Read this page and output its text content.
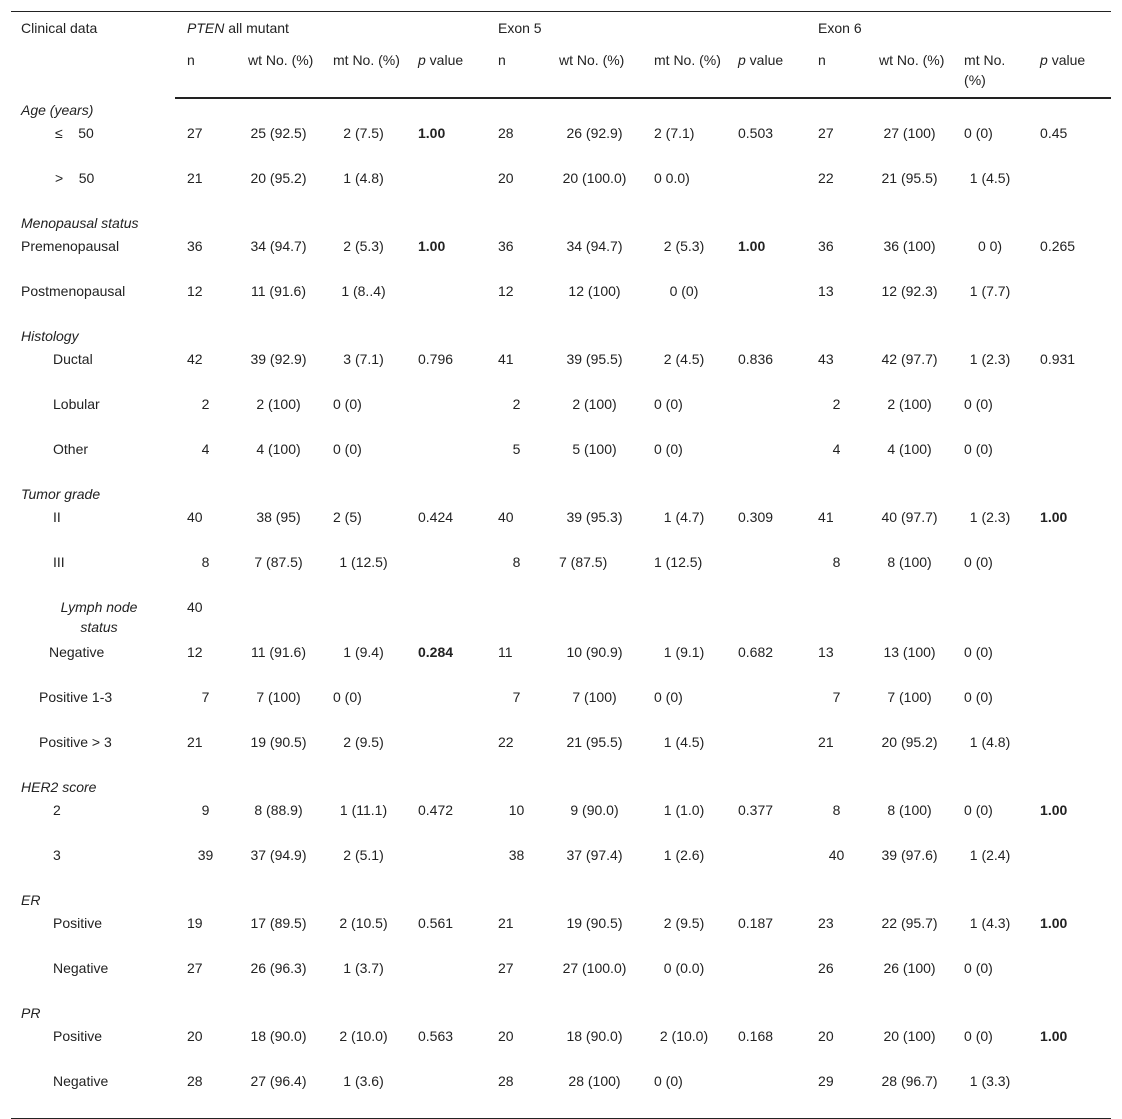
Clinical data	PTEN all mutant				Exon 5				Exon 6			
	n	wt No. (%)	mt No. (%)	p value	n	wt No. (%)	mt No. (%)	p value	n	wt No. (%)	mt No. (%)	p value
Age (years)												
≤ 50	27	25 (92.5)	2 (7.5)	1.00	28	26 (92.9)	2 (7.1)	0.503	27	27 (100)	0 (0)	0.45
> 50	21	20 (95.2)	1 (4.8)		20	20 (100.0)	0 0.0)		22	21 (95.5)	1 (4.5)	
Menopausal status												
Premenopausal	36	34 (94.7)	2 (5.3)	1.00	36	34 (94.7)	2 (5.3)	1.00	36	36 (100)	0 0)	0.265
Postmenopausal	12	11 (91.6)	1 (8..4)		12	12 (100)	0 (0)		13	12 (92.3)	1 (7.7)	
Histology												
Ductal	42	39 (92.9)	3 (7.1)	0.796	41	39 (95.5)	2 (4.5)	0.836	43	42 (97.7)	1 (2.3)	0.931
Lobular	2	2 (100)	0 (0)		2	2 (100)	0 (0)		2	2 (100)	0 (0)	
Other	4	4 (100)	0 (0)		5	5 (100)	0 (0)		4	4 (100)	0 (0)	
Tumor grade												
II	40	38 (95)	2 (5)	0.424	40	39 (95.3)	1 (4.7)	0.309	41	40 (97.7)	1 (2.3)	1.00
III	8	7 (87.5)	1 (12.5)		8	7 (87.5)	1 (12.5)		8	8 (100)	0 (0)	
Lymph node status	40											
Negative	12	11 (91.6)	1 (9.4)	0.284	11	10 (90.9)	1 (9.1)	0.682	13	13 (100)	0 (0)	
Positive 1-3	7	7 (100)	0 (0)		7	7 (100)	0 (0)		7	7 (100)	0 (0)	
Positive > 3	21	19 (90.5)	2 (9.5)		22	21 (95.5)	1 (4.5)		21	20 (95.2)	1 (4.8)	
HER2 score												
2	9	8 (88.9)	1 (11.1)	0.472	10	9 (90.0)	1 (1.0)	0.377	8	8 (100)	0 (0)	1.00
3	39	37 (94.9)	2 (5.1)		38	37 (97.4)	1 (2.6)		40	39 (97.6)	1 (2.4)	
ER												
Positive	19	17 (89.5)	2 (10.5)	0.561	21	19 (90.5)	2 (9.5)	0.187	23	22 (95.7)	1 (4.3)	1.00
Negative	27	26 (96.3)	1 (3.7)		27	27 (100.0)	0 (0.0)		26	26 (100)	0 (0)	
PR												
Positive	20	18 (90.0)	2 (10.0)	0.563	20	18 (90.0)	2 (10.0)	0.168	20	20 (100)	0 (0)	1.00
Negative	28	27 (96.4)	1 (3.6)		28	28 (100)	0 (0)		29	28 (96.7)	1 (3.3)	
